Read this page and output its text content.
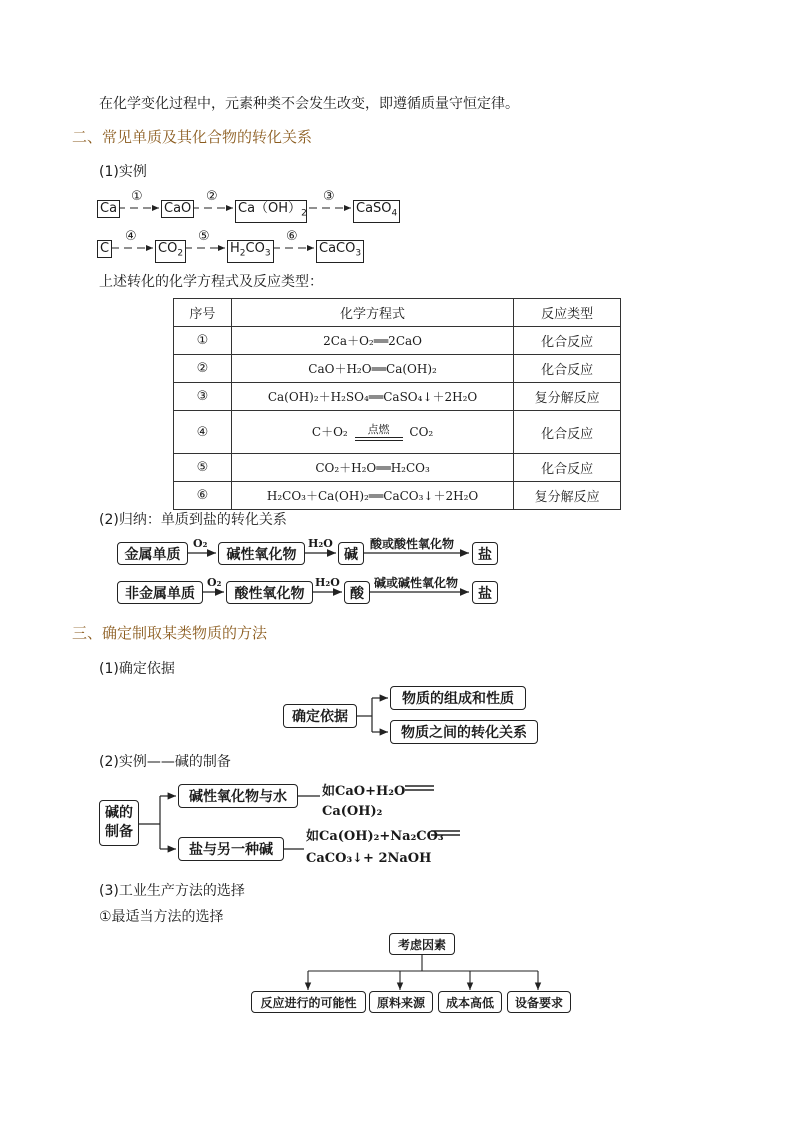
在化学变化过程中，元素种类不会发生改变，即遵循质量守恒定律。
二、常见单质及其化合物的转化关系
(1)实例
Ca
①
CaO
②
$Ca(OH)_2$
③
CaSO$_4$
C
④
$CO_2$
⑤
$H_2CO_3$
⑥
CaCO$_3$
上述转化的化学方程式及反应类型：
序号	化学方程式	反应类型
①	2Ca＋O₂══2CaO	化合反应
②	CaO＋H₂O══Ca(OH)₂	化合反应
③	Ca(OH)₂＋H₂SO₄══CaSO₄↓＋2H₂O	复分解反应
④	C＋O₂ 点燃 CO₂	化合反应
⑤	CO₂＋H₂O══H₂CO₃	化合反应
⑥	H₂CO₃＋Ca(OH)₂══CaCO₃↓＋2H₂O	复分解反应
(2)归纳：单质到盐的转化关系
金属单质
O₂
碱性氧化物
H₂O
碱
酸或酸性氧化物
盐
非金属单质
O₂
酸性氧化物
H₂O
酸
碱或碱性氧化物
盐
三、确定制取某类物质的方法
(1)确定依据
确定依据
物质的组成和性质
物质之间的转化关系
(2)实例——碱的制备
碱的
制备
碱性氧化物与水
盐与另一种碱
如CaO+H₂O
Ca(OH)₂
如Ca(OH)₂+Na₂CO₃
CaCO₃↓+ 2NaOH
(3)工业生产方法的选择
①最适当方法的选择
考虑因素
反应进行的可能性	原料来源	成本高低	设备要求
